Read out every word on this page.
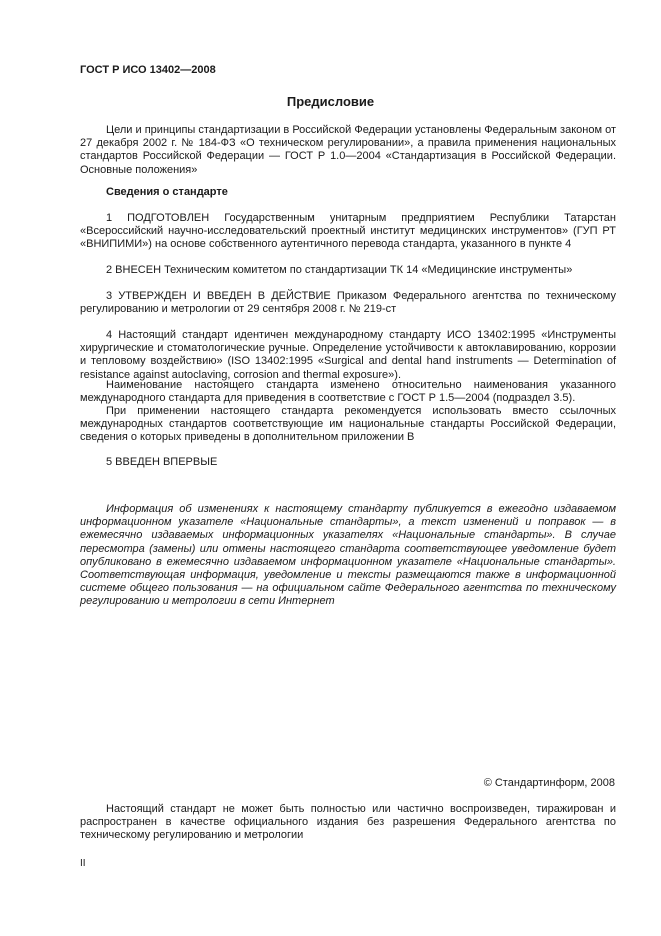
ГОСТ Р ИСО 13402—2008
Предисловие
Цели и принципы стандартизации в Российской Федерации установлены Федеральным законом от 27 декабря 2002 г. № 184-ФЗ «О техническом регулировании», а правила применения национальных стандартов Российской Федерации — ГОСТ Р 1.0—2004 «Стандартизация в Российской Федерации. Основные положения»
Сведения о стандарте
1 ПОДГОТОВЛЕН Государственным унитарным предприятием Республики Татарстан «Всероссийский научно-исследовательский проектный институт медицинских инструментов» (ГУП РТ «ВНИПИМИ») на основе собственного аутентичного перевода стандарта, указанного в пункте 4
2 ВНЕСЕН Техническим комитетом по стандартизации ТК 14 «Медицинские инструменты»
3 УТВЕРЖДЕН И ВВЕДЕН В ДЕЙСТВИЕ Приказом Федерального агентства по техническому регулированию и метрологии от 29 сентября 2008 г. № 219-ст
4 Настоящий стандарт идентичен международному стандарту ИСО 13402:1995 «Инструменты хирургические и стоматологические ручные. Определение устойчивости к автоклавированию, коррозии и тепловому воздействию» (ISO 13402:1995 «Surgical and dental hand instruments — Determination of resistance against autoclaving, corrosion and thermal exposure»).
Наименование настоящего стандарта изменено относительно наименования указанного международного стандарта для приведения в соответствие с ГОСТ Р 1.5—2004 (подраздел 3.5).
При применении настоящего стандарта рекомендуется использовать вместо ссылочных международных стандартов соответствующие им национальные стандарты Российской Федерации, сведения о которых приведены в дополнительном приложении В
5 ВВЕДЕН ВПЕРВЫЕ
Информация об изменениях к настоящему стандарту публикуется в ежегодно издаваемом информационном указателе «Национальные стандарты», а текст изменений и поправок — в ежемесячно издаваемых информационных указателях «Национальные стандарты». В случае пересмотра (замены) или отмены настоящего стандарта соответствующее уведомление будет опубликовано в ежемесячно издаваемом информационном указателе «Национальные стандарты». Соответствующая информация, уведомление и тексты размещаются также в информационной системе общего пользования — на официальном сайте Федерального агентства по техническому регулированию и метрологии в сети Интернет
© Стандартинформ, 2008
Настоящий стандарт не может быть полностью или частично воспроизведен, тиражирован и распространен в качестве официального издания без разрешения Федерального агентства по техническому регулированию и метрологии
II
